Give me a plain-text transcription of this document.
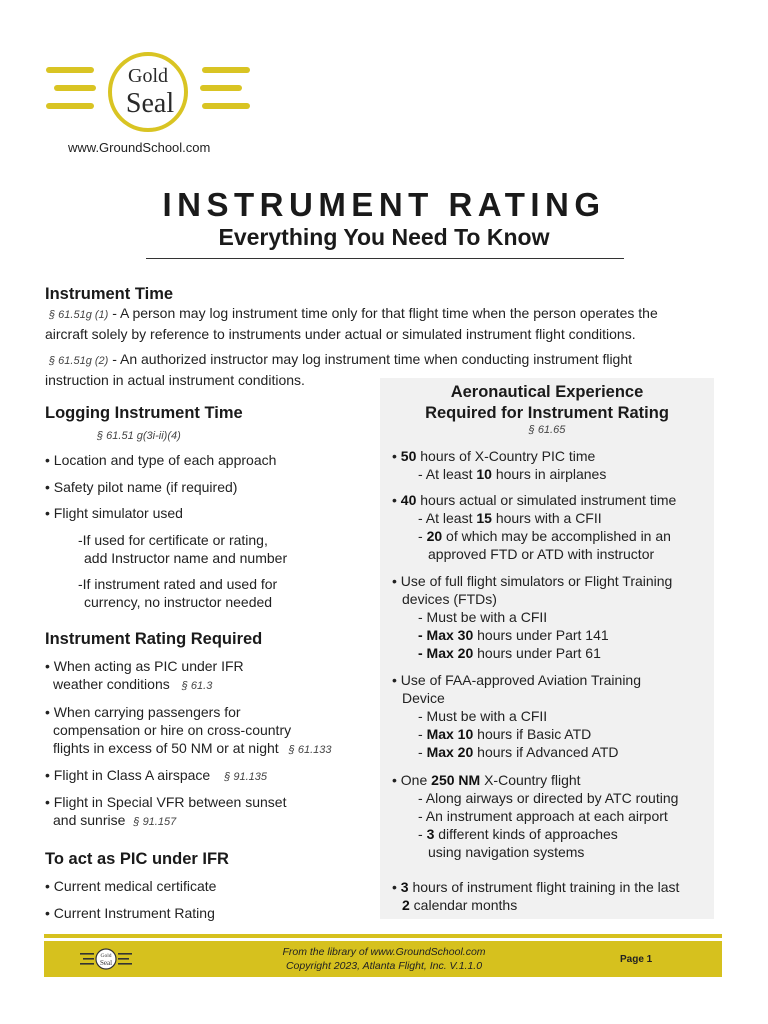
Gold
Seal
www.GroundSchool.com
INSTRUMENT RATING
Everything You Need To Know
Instrument Time
§ 61.51g (1) - A person may log instrument time only for that flight time when the person operates the
aircraft solely by reference to instruments under actual or simulated instrument flight conditions.
§ 61.51g (2) - An authorized instructor may log instrument time when conducting instrument flight
instruction in actual instrument conditions.
Logging Instrument Time
§ 61.51 g(3i-ii)(4)
• Location and type of each approach
• Safety pilot name (if required)
• Flight simulator used
-If used for certificate or rating,
add Instructor name and number
-If instrument rated and used for
currency, no instructor needed
Instrument Rating Required
• When acting as PIC under IFR
weather conditions § 61.3
• When carrying passengers for
compensation or hire on cross-country
flights in excess of 50 NM or at night § 61.133
• Flight in Class A airspace § 91.135
• Flight in Special VFR between sunset
and sunrise § 91.157
To act as PIC under IFR
• Current medical certificate
• Current Instrument Rating
Aeronautical Experience
Required for Instrument Rating
§ 61.65
• 50 hours of X-Country PIC time
- At least 10 hours in airplanes
• 40 hours actual or simulated instrument time
- At least 15 hours with a CFII
- 20 of which may be accomplished in an
approved FTD or ATD with instructor
• Use of full flight simulators or Flight Training
devices (FTDs)
- Must be with a CFII
- Max 30 hours under Part 141
- Max 20 hours under Part 61
• Use of FAA-approved Aviation Training
Device
- Must be with a CFII
- Max 10 hours if Basic ATD
- Max 20 hours if Advanced ATD
• One 250 NM X-Country flight
- Along airways or directed by ATC routing
- An instrument approach at each airport
- 3 different kinds of approaches
using navigation systems
• 3 hours of instrument flight training in the last
2 calendar months
Gold
Seal
From the library of www.GroundSchool.com
Copyright 2023, Atlanta Flight, Inc. V.1.1.0
Page 1
